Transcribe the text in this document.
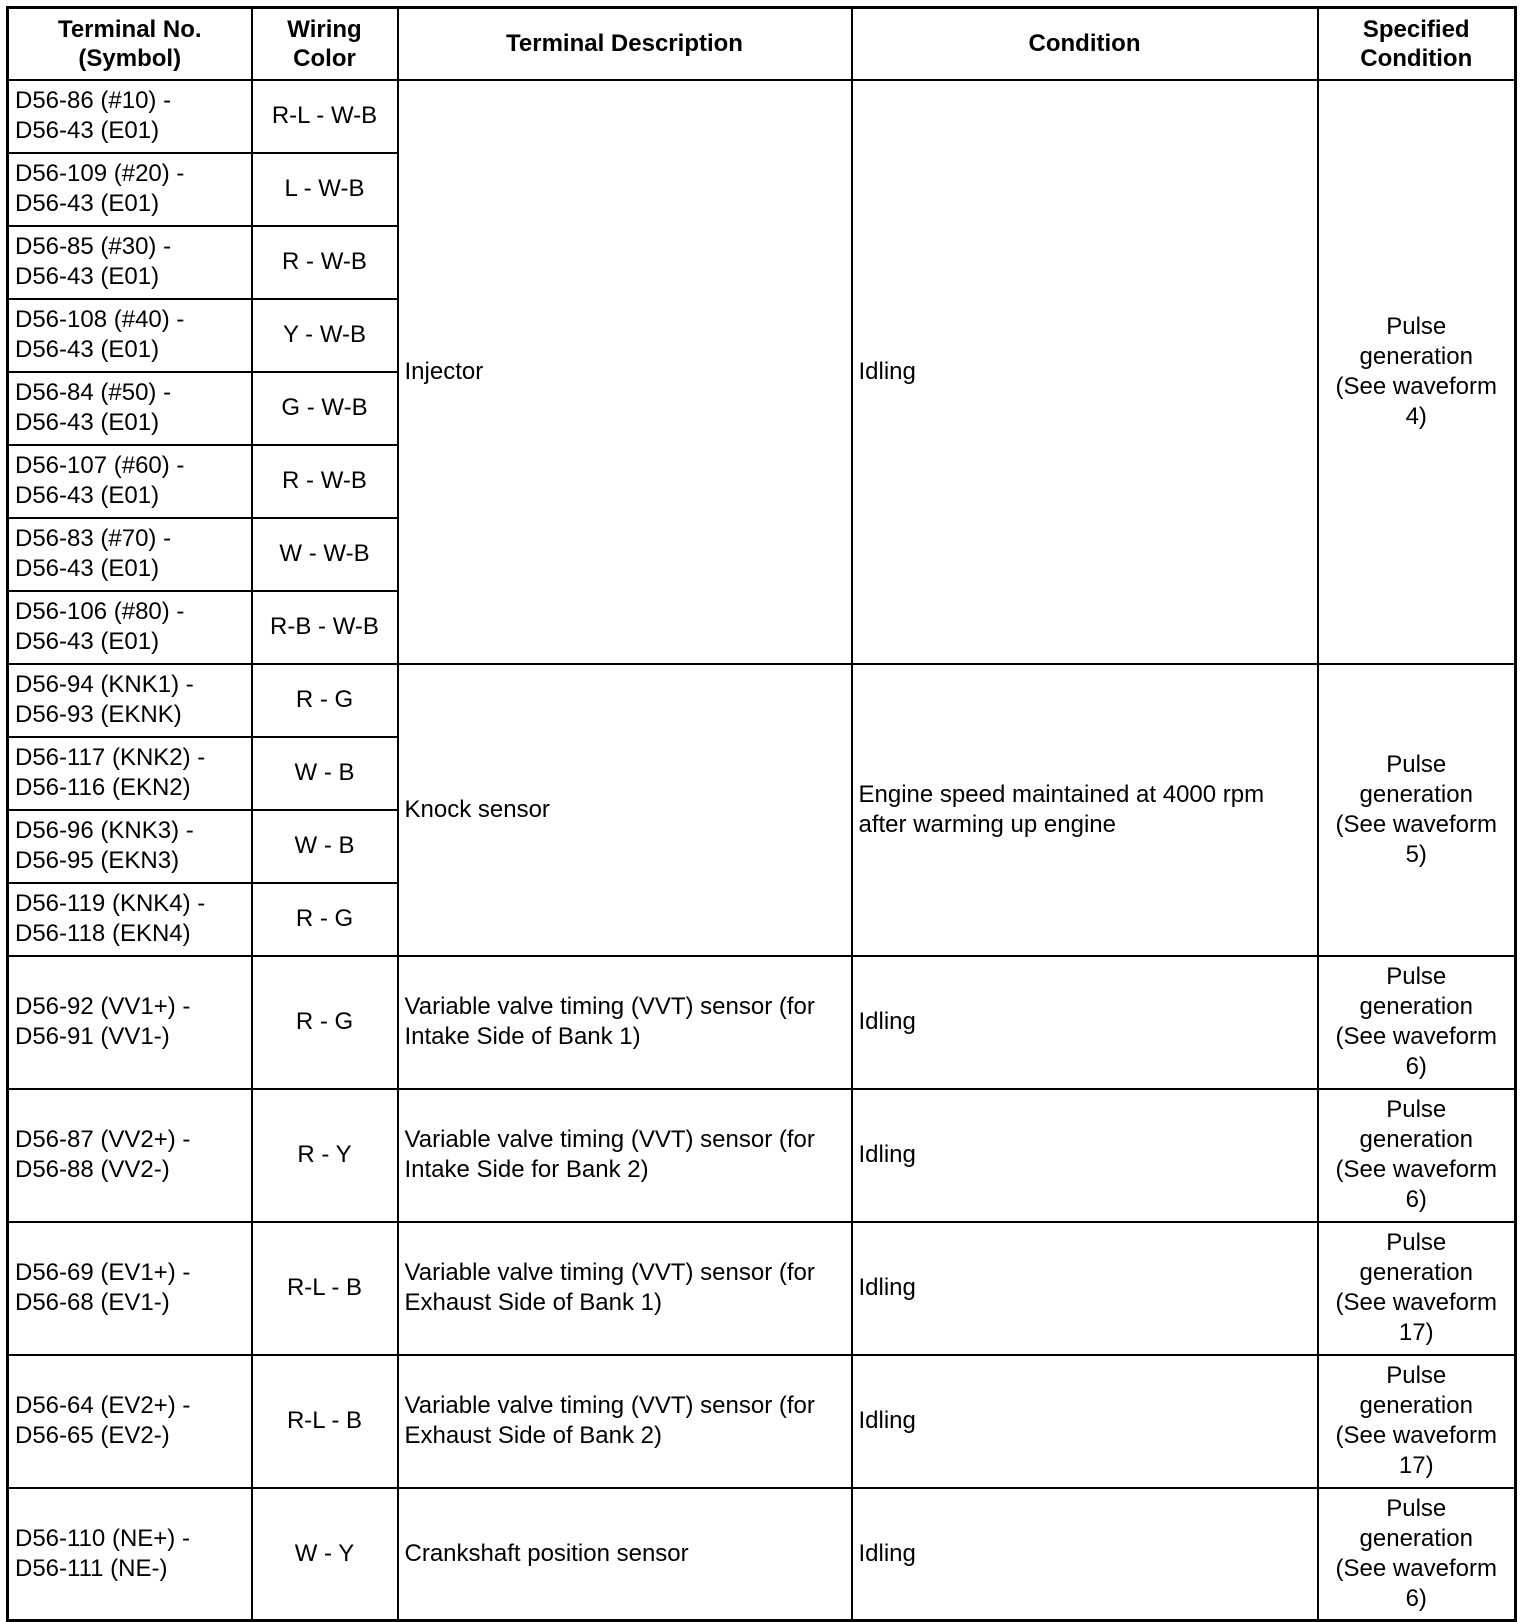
Terminal No.
(Symbol)	Wiring
Color	Terminal Description	Condition	Specified
Condition

D56-86 (#10) -
D56-43 (E01)	R-L - W-B	Injector	Idling	Pulse
generation
(See waveform
4)

D56-109 (#20) -
D56-43 (E01)	L - W-B			

D56-85 (#30) -
D56-43 (E01)	R - W-B			

D56-108 (#40) -
D56-43 (E01)	Y - W-B			

D56-84 (#50) -
D56-43 (E01)	G - W-B			

D56-107 (#60) -
D56-43 (E01)	R - W-B			

D56-83 (#70) -
D56-43 (E01)	W - W-B			

D56-106 (#80) -
D56-43 (E01)	R-B - W-B			

D56-94 (KNK1) -
D56-93 (EKNK)	R - G	Knock sensor	Engine speed maintained at 4000 rpm
after warming up engine	Pulse
generation
(See waveform
5)

D56-117 (KNK2) -
D56-116 (EKN2)	W - B			

D56-96 (KNK3) -
D56-95 (EKN3)	W - B			

D56-119 (KNK4) -
D56-118 (EKN4)	R - G			

D56-92 (VV1+) -
D56-91 (VV1-)	R - G	Variable valve timing (VVT) sensor (for
Intake Side of Bank 1)	Idling	Pulse
generation
(See waveform
6)

D56-87 (VV2+) -
D56-88 (VV2-)	R - Y	Variable valve timing (VVT) sensor (for
Intake Side for Bank 2)	Idling	Pulse
generation
(See waveform
6)

D56-69 (EV1+) -
D56-68 (EV1-)	R-L - B	Variable valve timing (VVT) sensor (for
Exhaust Side of Bank 1)	Idling	Pulse
generation
(See waveform
17)

D56-64 (EV2+) -
D56-65 (EV2-)	R-L - B	Variable valve timing (VVT) sensor (for
Exhaust Side of Bank 2)	Idling	Pulse
generation
(See waveform
17)

D56-110 (NE+) -
D56-111 (NE-)	W - Y	Crankshaft position sensor	Idling	Pulse
generation
(See waveform
6)
